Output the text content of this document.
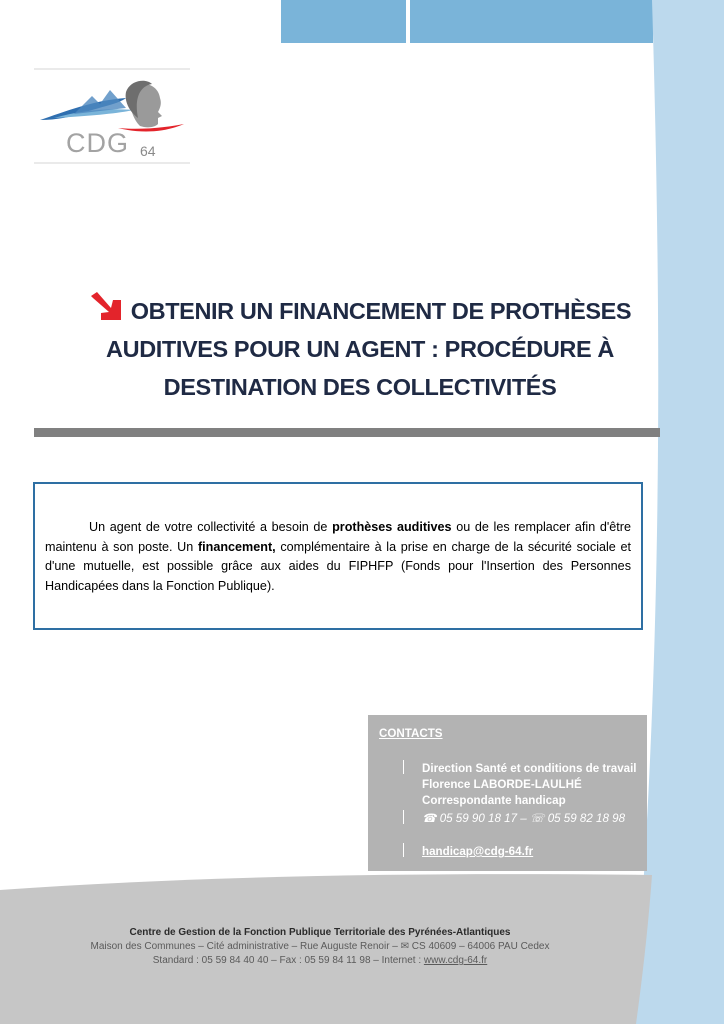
CDG 64
OBTENIR UN FINANCEMENT DE PROTHÈSES
AUDITIVES POUR UN AGENT : PROCÉDURE À
DESTINATION DES COLLECTIVITÉS

Un agent de votre collectivité a besoin de prothèses auditives ou de les remplacer afin d'être maintenu à son poste. Un financement, complémentaire à la prise en charge de la sécurité sociale et d'une mutuelle, est possible grâce aux aides du FIPHFP (Fonds pour l'Insertion des Personnes Handicapées dans la Fonction Publique).

CONTACTS
Direction Santé et conditions de travail
Florence LABORDE-LAULHÉ
Correspondante handicap
☎ 05 59 90 18 17 – ☏ 05 59 82 18 98
handicap@cdg-64.fr
Centre de Gestion de la Fonction Publique Territoriale des Pyrénées-Atlantiques
Maison des Communes – Cité administrative – Rue Auguste Renoir – ✉ CS 40609 – 64006 PAU Cedex
Standard : 05 59 84 40 40 – Fax : 05 59 84 11 98 – Internet : www.cdg-64.fr
